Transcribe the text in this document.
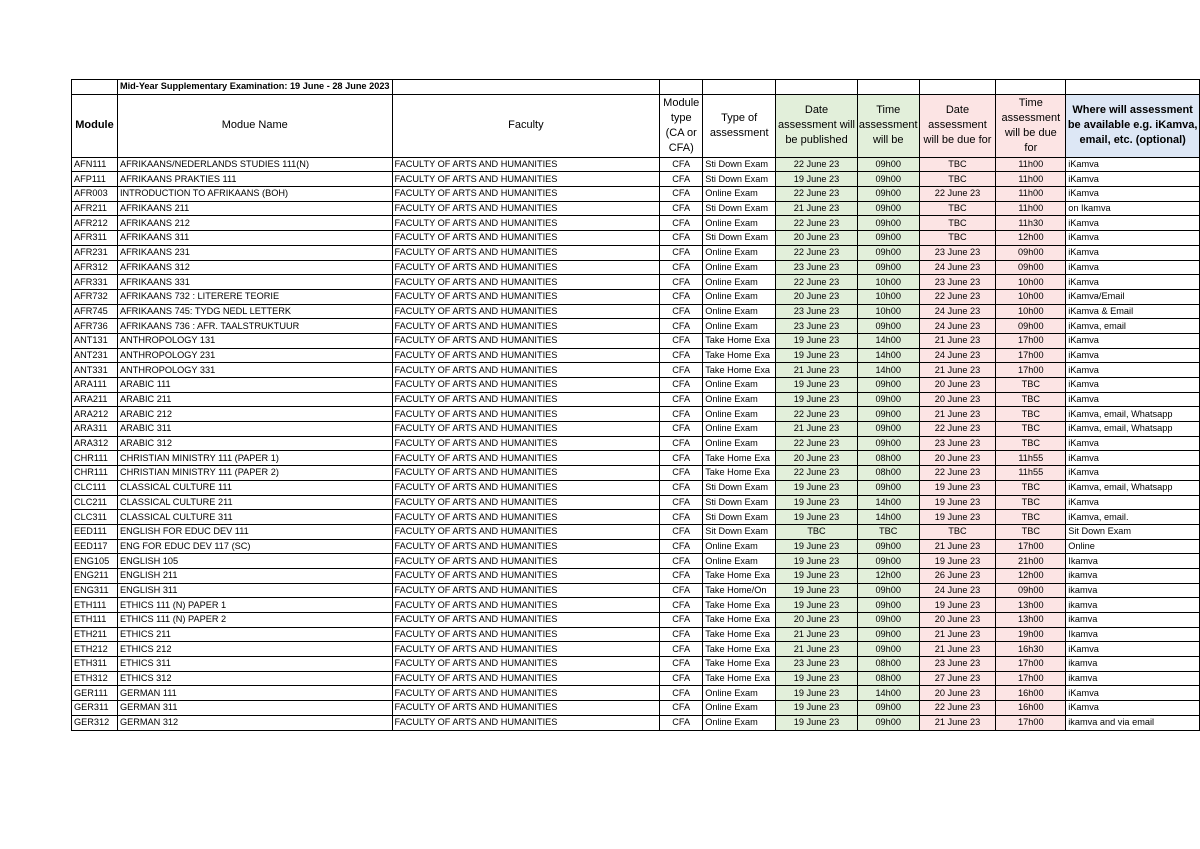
	Mid-Year Supplementary Examination: 19 June - 28 June 2023								
Module	Modue Name	Faculty	Module type (CA or CFA)	Type of assessment	Date assessment will be published	Time assessment will be	Date assessment will be due for	Time assessment will be due for	Where will assessment be available e.g. iKamva, email, etc. (optional)
AFN111	AFRIKAANS/NEDERLANDS STUDIES 111(N)	FACULTY OF ARTS AND HUMANITIES	CFA	Sti Down Exam	22 June 23	09h00	TBC	11h00	iKamva
AFP111	AFRIKAANS PRAKTIES 111	FACULTY OF ARTS AND HUMANITIES	CFA	Sti Down Exam	19 June 23	09h00	TBC	11h00	iKamva
AFR003	INTRODUCTION TO AFRIKAANS (BOH)	FACULTY OF ARTS AND HUMANITIES	CFA	Online Exam	22 June 23	09h00	22 June 23	11h00	iKamva
AFR211	AFRIKAANS 211	FACULTY OF ARTS AND HUMANITIES	CFA	Sti Down Exam	21 June 23	09h00	TBC	11h00	on Ikamva
AFR212	AFRIKAANS 212	FACULTY OF ARTS AND HUMANITIES	CFA	Online Exam	22 June 23	09h00	TBC	11h30	iKamva
AFR311	AFRIKAANS 311	FACULTY OF ARTS AND HUMANITIES	CFA	Sti Down Exam	20 June 23	09h00	TBC	12h00	iKamva
AFR231	AFRIKAANS 231	FACULTY OF ARTS AND HUMANITIES	CFA	Online Exam	22 June 23	09h00	23 June 23	09h00	iKamva
AFR312	AFRIKAANS 312	FACULTY OF ARTS AND HUMANITIES	CFA	Online Exam	23 June 23	09h00	24 June 23	09h00	iKamva
AFR331	AFRIKAANS 331	FACULTY OF ARTS AND HUMANITIES	CFA	Online Exam	22 June 23	10h00	23 June 23	10h00	iKamva
AFR732	AFRIKAANS 732 : LITERERE TEORIE	FACULTY OF ARTS AND HUMANITIES	CFA	Online Exam	20 June 23	10h00	22 June 23	10h00	iKamva/Email
AFR745	AFRIKAANS 745: TYDG NEDL LETTERK	FACULTY OF ARTS AND HUMANITIES	CFA	Online Exam	23 June 23	10h00	24 June 23	10h00	iKamva & Email
AFR736	AFRIKAANS 736 : AFR. TAALSTRUKTUUR	FACULTY OF ARTS AND HUMANITIES	CFA	Online Exam	23 June 23	09h00	24 June 23	09h00	iKamva, email
ANT131	ANTHROPOLOGY 131	FACULTY OF ARTS AND HUMANITIES	CFA	Take Home Exa	19 June 23	14h00	21 June 23	17h00	iKamva
ANT231	ANTHROPOLOGY 231	FACULTY OF ARTS AND HUMANITIES	CFA	Take Home Exa	19 June 23	14h00	24 June 23	17h00	iKamva
ANT331	ANTHROPOLOGY 331	FACULTY OF ARTS AND HUMANITIES	CFA	Take Home Exa	21 June 23	14h00	21 June 23	17h00	iKamva
ARA111	ARABIC 111	FACULTY OF ARTS AND HUMANITIES	CFA	Online Exam	19 June 23	09h00	20 June 23	TBC	iKamva
ARA211	ARABIC 211	FACULTY OF ARTS AND HUMANITIES	CFA	Online Exam	19 June 23	09h00	20 June 23	TBC	iKamva
ARA212	ARABIC 212	FACULTY OF ARTS AND HUMANITIES	CFA	Online Exam	22 June 23	09h00	21 June 23	TBC	iKamva, email, Whatsapp
ARA311	ARABIC 311	FACULTY OF ARTS AND HUMANITIES	CFA	Online Exam	21 June 23	09h00	22 June 23	TBC	iKamva, email, Whatsapp
ARA312	ARABIC 312	FACULTY OF ARTS AND HUMANITIES	CFA	Online Exam	22 June 23	09h00	23 June 23	TBC	iKamva
CHR111	CHRISTIAN MINISTRY 111 (PAPER 1)	FACULTY OF ARTS AND HUMANITIES	CFA	Take Home Exa	20 June 23	08h00	20 June 23	11h55	iKamva
CHR111	CHRISTIAN MINISTRY 111 (PAPER 2)	FACULTY OF ARTS AND HUMANITIES	CFA	Take Home Exa	22 June 23	08h00	22 June 23	11h55	iKamva
CLC111	CLASSICAL CULTURE 111	FACULTY OF ARTS AND HUMANITIES	CFA	Sti Down Exam	19 June 23	09h00	19 June 23	TBC	iKamva, email, Whatsapp
CLC211	CLASSICAL CULTURE 211	FACULTY OF ARTS AND HUMANITIES	CFA	Sti Down Exam	19 June 23	14h00	19 June 23	TBC	iKamva
CLC311	CLASSICAL CULTURE 311	FACULTY OF ARTS AND HUMANITIES	CFA	Sti Down Exam	19 June 23	14h00	19 June 23	TBC	iKamva, email.
EED111	ENGLISH FOR EDUC DEV 111	FACULTY OF ARTS AND HUMANITIES	CFA	Sit Down Exam	TBC	TBC	TBC	TBC	Sit Down Exam
EED117	ENG FOR EDUC DEV 117 (SC)	FACULTY OF ARTS AND HUMANITIES	CFA	Online Exam	19 June 23	09h00	21 June 23	17h00	Online
ENG105	ENGLISH 105	FACULTY OF ARTS AND HUMANITIES	CFA	Online Exam	19 June 23	09h00	19 June 23	21h00	Ikamva
ENG211	ENGLISH 211	FACULTY OF ARTS AND HUMANITIES	CFA	Take Home Exa	19 June 23	12h00	26 June 23	12h00	ikamva
ENG311	ENGLISH 311	FACULTY OF ARTS AND HUMANITIES	CFA	Take Home/On	19 June 23	09h00	24 June 23	09h00	ikamva
ETH111	ETHICS 111 (N) PAPER 1	FACULTY OF ARTS AND HUMANITIES	CFA	Take Home Exa	19 June 23	09h00	19 June 23	13h00	ikamva
ETH111	ETHICS 111 (N) PAPER 2	FACULTY OF ARTS AND HUMANITIES	CFA	Take Home Exa	20 June 23	09h00	20 June 23	13h00	ikamva
ETH211	ETHICS 211	FACULTY OF ARTS AND HUMANITIES	CFA	Take Home Exa	21 June 23	09h00	21 June 23	19h00	Ikamva
ETH212	ETHICS 212	FACULTY OF ARTS AND HUMANITIES	CFA	Take Home Exa	21 June 23	09h00	21 June 23	16h30	iKamva
ETH311	ETHICS 311	FACULTY OF ARTS AND HUMANITIES	CFA	Take Home Exa	23 June 23	08h00	23 June 23	17h00	ikamva
ETH312	ETHICS 312	FACULTY OF ARTS AND HUMANITIES	CFA	Take Home Exa	19 June 23	08h00	27 June 23	17h00	ikamva
GER111	GERMAN 111	FACULTY OF ARTS AND HUMANITIES	CFA	Online Exam	19 June 23	14h00	20 June 23	16h00	iKamva
GER311	GERMAN 311	FACULTY OF ARTS AND HUMANITIES	CFA	Online Exam	19 June 23	09h00	22 June 23	16h00	iKamva
GER312	GERMAN 312	FACULTY OF ARTS AND HUMANITIES	CFA	Online Exam	19 June 23	09h00	21 June 23	17h00	ikamva and via email
